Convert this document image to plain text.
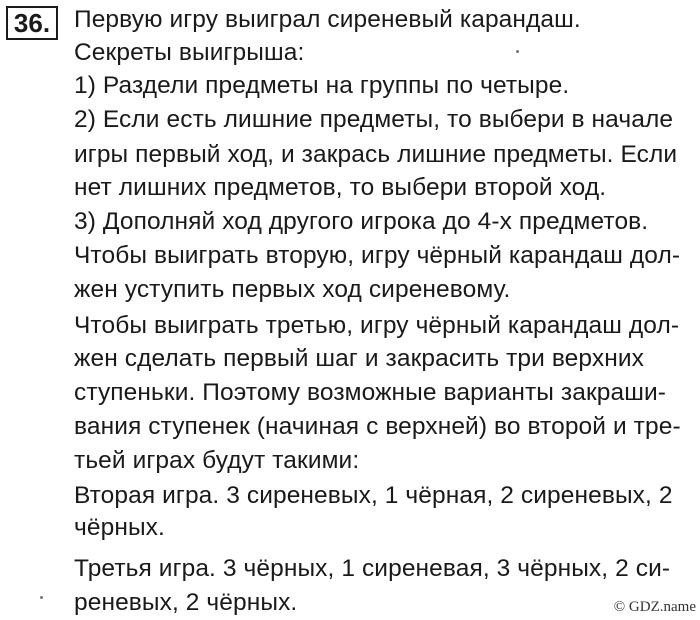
36. Первую игру выиграл сиреневый карандаш.
Секреты выигрыша:
1) Раздели предметы на группы по четыре.
2) Если есть лишние предметы, то выбери в начале
игры первый ход, и закрась лишние предметы. Если
нет лишних предметов, то выбери второй ход.
3) Дополняй ход другого игрока до 4-х предметов.
Чтобы выиграть вторую, игру чёрный карандаш дол-
жен уступить первых ход сиреневому.
Чтобы выиграть третью, игру чёрный карандаш дол-
жен сделать первый шаг и закрасить три верхних
ступеньки. Поэтому возможные варианты закраши-
вания ступенек (начиная с верхней) во второй и тре-
тьей играх будут такими:
Вторая игра. 3 сиреневых, 1 чёрная, 2 сиреневых, 2
чёрных.
Третья игра. 3 чёрных, 1 сиреневая, 3 чёрных, 2 си-
реневых, 2 чёрных.	© GDZ.name
